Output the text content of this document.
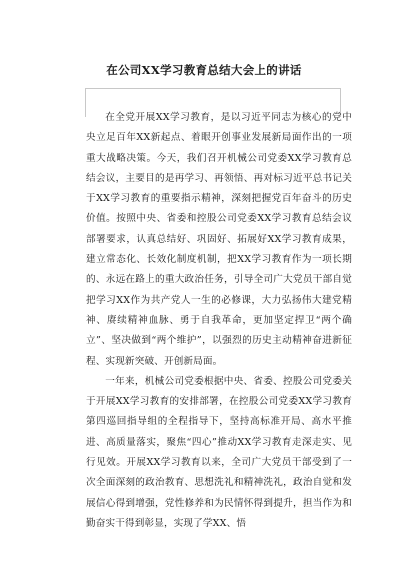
在公司XX学习教育总结大会上的讲话

在全党开展XX学习教育，是以习近平同志为核心的党中央立足百年XX新起点、着眼开创事业发展新局面作出的一项重大战略决策。今天，我们召开机械公司党委XX学习教育总结会议，主要目的是再学习、再领悟、再对标习近平总书记关于XX学习教育的重要指示精神，深刻把握党百年奋斗的历史价值。按照中央、省委和控股公司党委XX学习教育总结会议部署要求，认真总结好、巩固好、拓展好XX学习教育成果，建立常态化、长效化制度机制，把XX学习教育作为一项长期的、永远在路上的重大政治任务，引导全司广大党员干部自觉把学习XX作为共产党人一生的必修课，大力弘扬伟大建党精神、赓续精神血脉、勇于自我革命，更加坚定捍卫“两个确立”、坚决做到“两个维护”，以强烈的历史主动精神奋进新征程、实现新突破、开创新局面。

一年来，机械公司党委根据中央、省委、控股公司党委关于开展XX学习教育的安排部署，在控股公司党委XX学习教育第四巡回指导组的全程指导下，坚持高标准开局、高水平推进、高质量落实，聚焦“四心”推动XX学习教育走深走实、见行见效。开展XX学习教育以来，全司广大党员干部受到了一次全面深刻的政治教育、思想洗礼和精神洗礼，政治自觉和发展信心得到增强，党性修养和为民情怀得到提升，担当作为和勤奋实干得到彰显，实现了学XX、悟
